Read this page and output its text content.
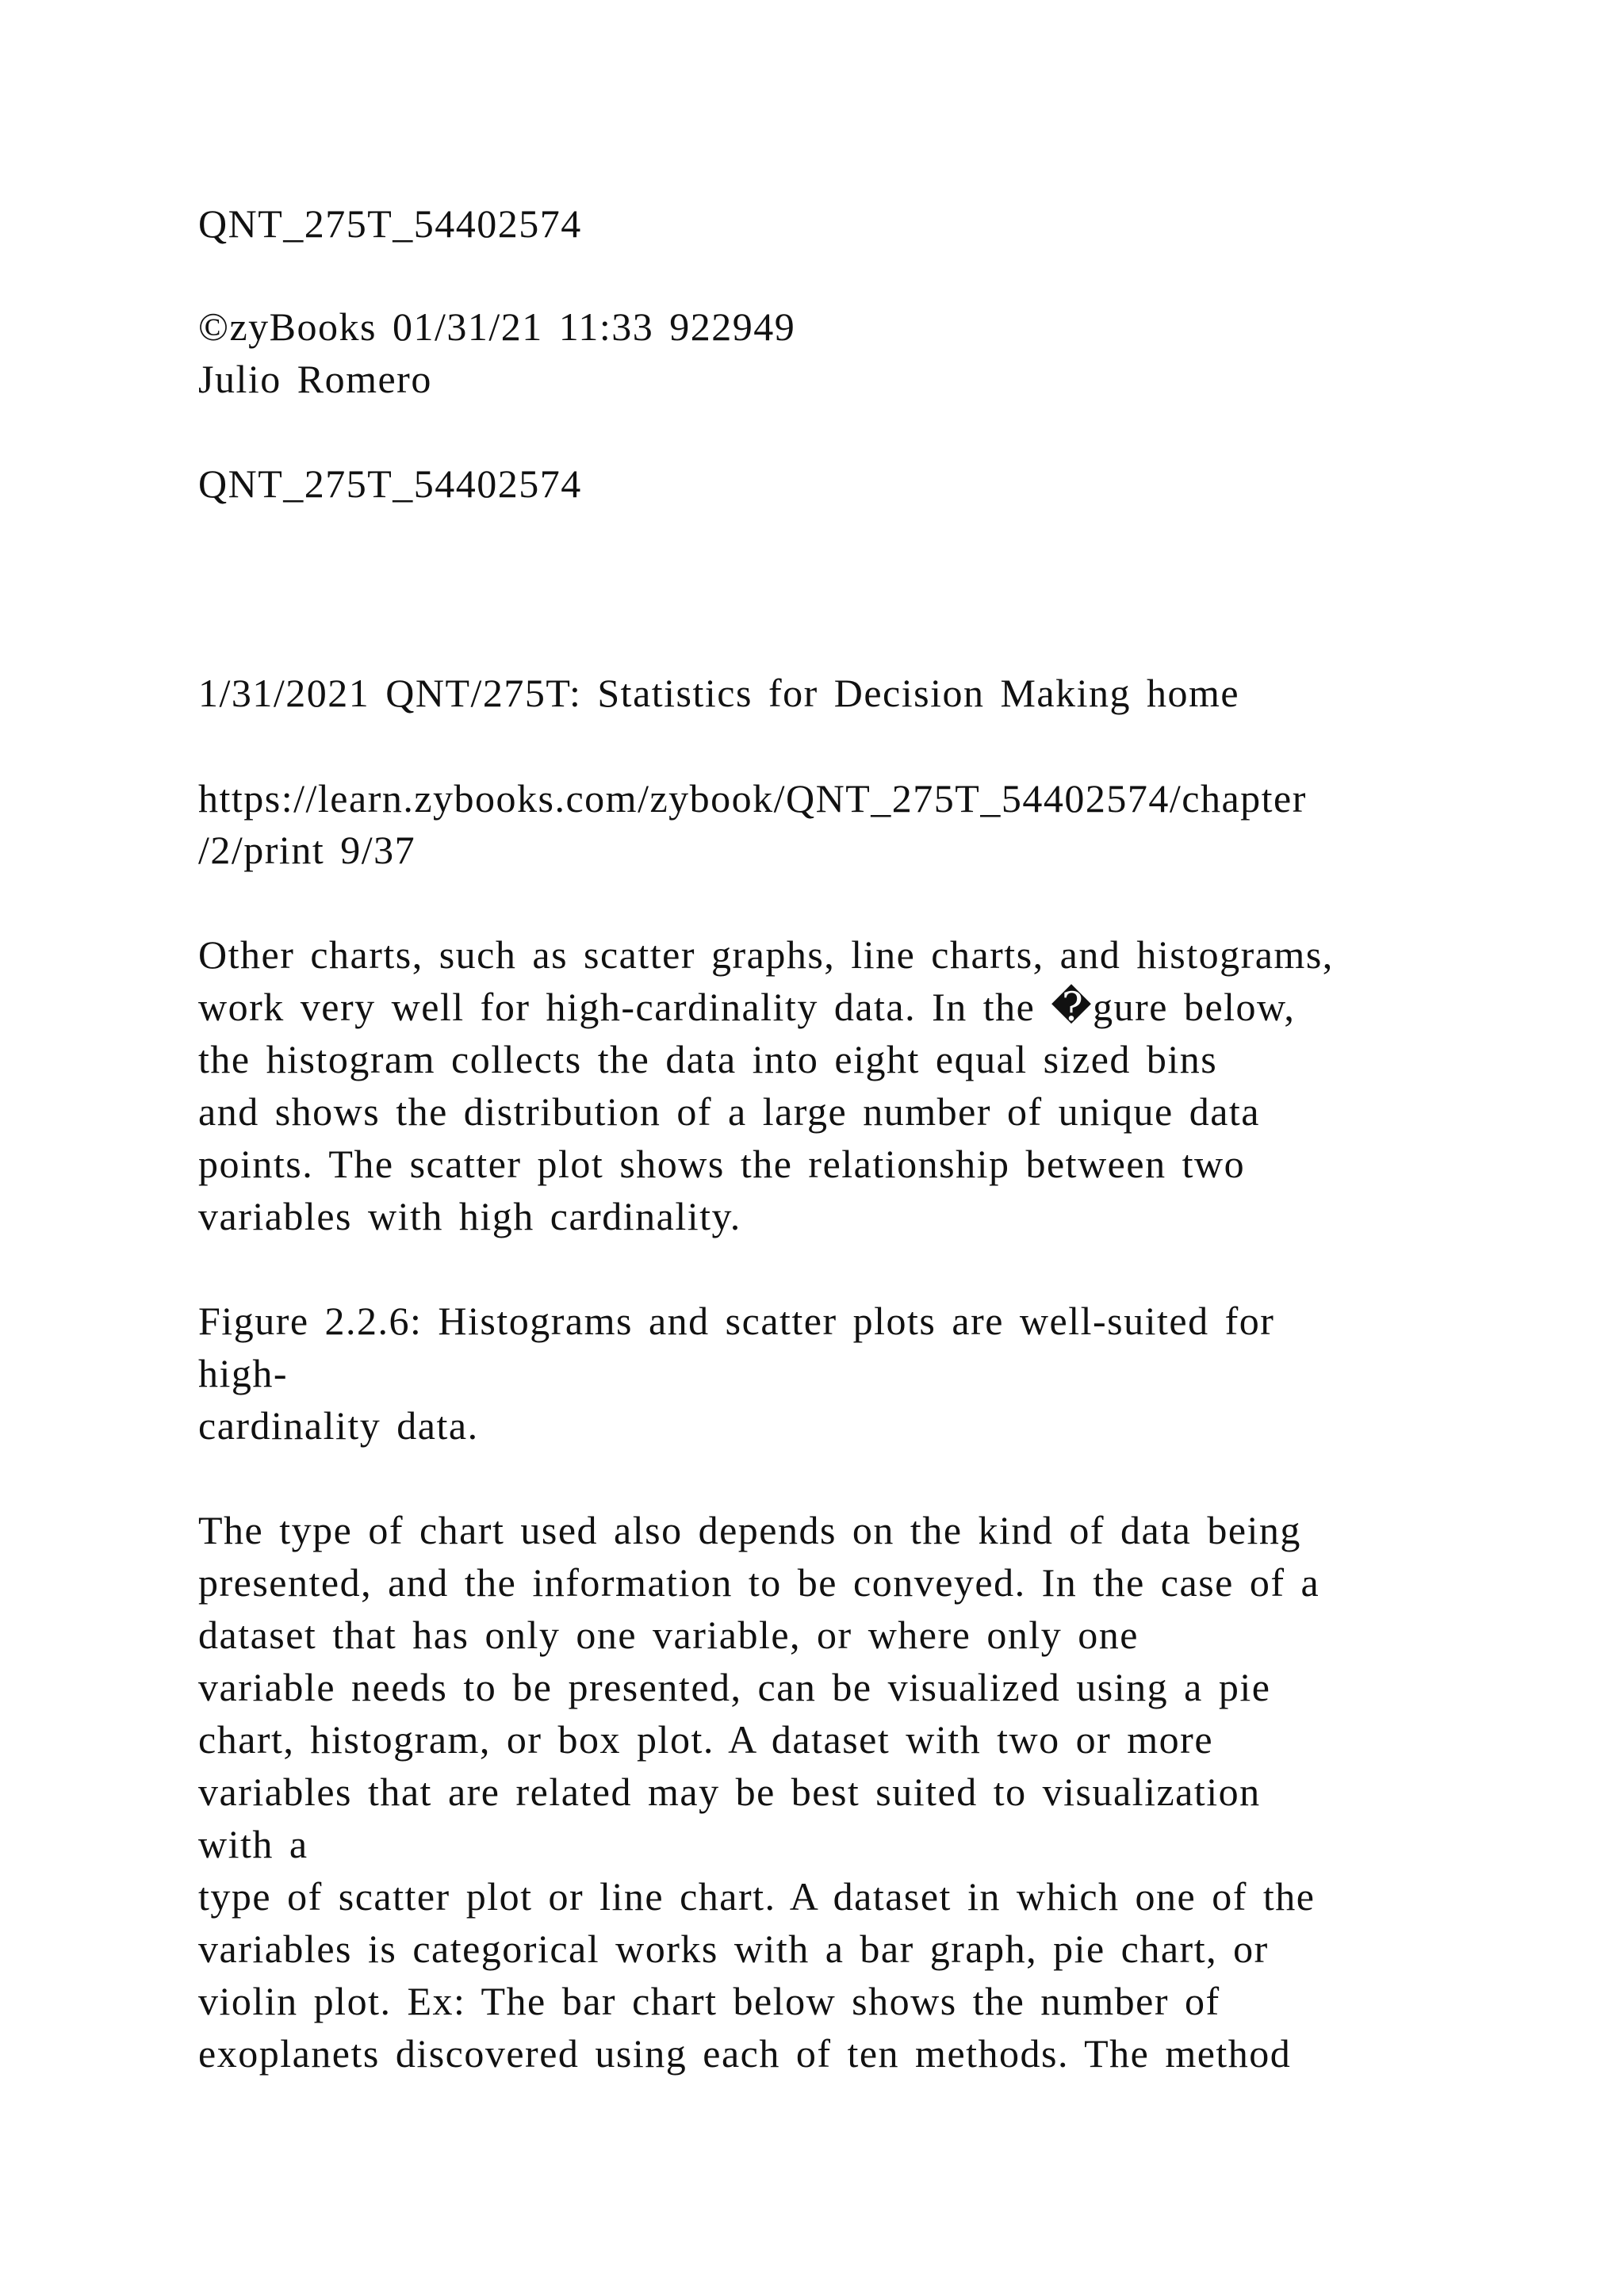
QNT_275T_54402574
©zyBooks 01/31/21 11:33 922949
Julio Romero
QNT_275T_54402574
1/31/2021 QNT/275T: Statistics for Decision Making home
https://learn.zybooks.com/zybook/QNT_275T_54402574/chapter
/2/print 9/37
Other charts, such as scatter graphs, line charts, and histograms,
work very well for high-cardinality data. In the �gure below,
the histogram collects the data into eight equal sized bins
and shows the distribution of a large number of unique data
points. The scatter plot shows the relationship between two
variables with high cardinality.
Figure 2.2.6: Histograms and scatter plots are well-suited for
high-
cardinality data.
The type of chart used also depends on the kind of data being
presented, and the information to be conveyed. In the case of a
dataset that has only one variable, or where only one
variable needs to be presented, can be visualized using a pie
chart, histogram, or box plot. A dataset with two or more
variables that are related may be best suited to visualization
with a
type of scatter plot or line chart. A dataset in which one of the
variables is categorical works with a bar graph, pie chart, or
violin plot. Ex: The bar chart below shows the number of
exoplanets discovered using each of ten methods. The method
